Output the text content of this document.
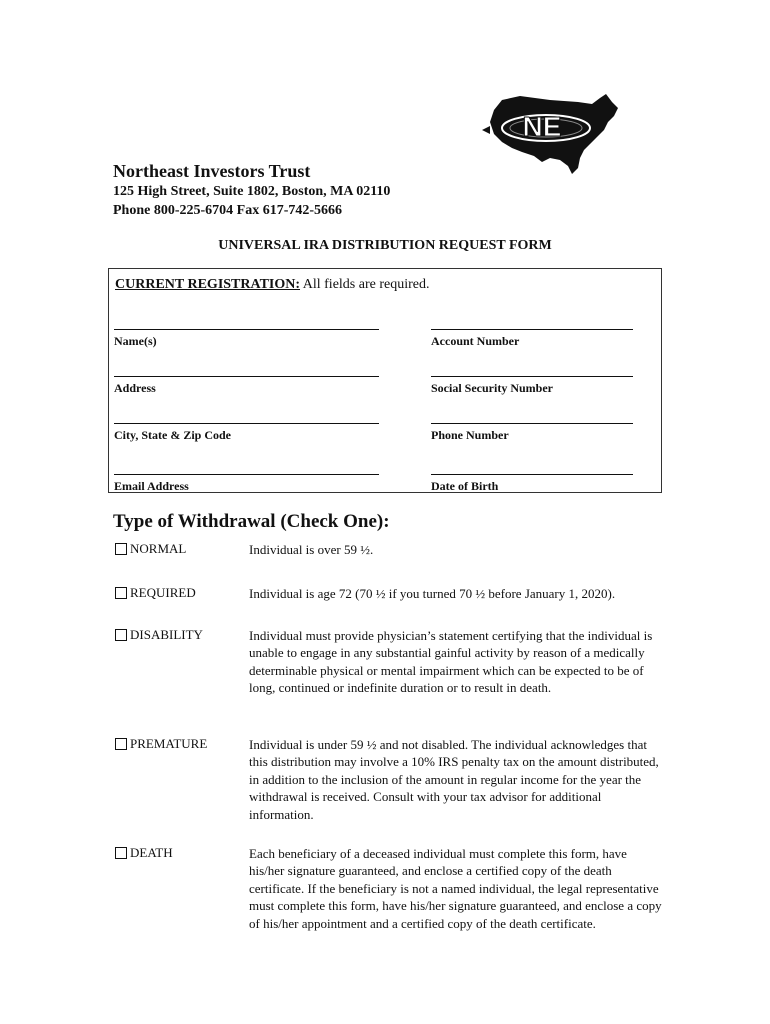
NE
Northeast Investors Trust
125 High Street, Suite 1802, Boston, MA 02110
Phone 800-225-6704 Fax 617-742-5666
UNIVERSAL IRA DISTRIBUTION REQUEST FORM
CURRENT REGISTRATION: All fields are required.
Name(s)	Account Number
Address	Social Security Number
City, State & Zip Code	Phone Number
Email Address	Date of Birth
Type of Withdrawal (Check One):
NORMAL	Individual is over 59 ½.
REQUIRED	Individual is age 72 (70 ½ if you turned 70 ½ before January 1, 2020).
DISABILITY	Individual must provide physician’s statement certifying that the individual is unable to engage in any substantial gainful activity by reason of a medically determinable physical or mental impairment which can be expected to be of long, continued or indefinite duration or to result in death.
PREMATURE	Individual is under 59 ½ and not disabled. The individual acknowledges that this distribution may involve a 10% IRS penalty tax on the amount distributed, in addition to the inclusion of the amount in regular income for the year the withdrawal is received. Consult with your tax advisor for additional information.
DEATH	Each beneficiary of a deceased individual must complete this form, have his/her signature guaranteed, and enclose a certified copy of the death certificate. If the beneficiary is not a named individual, the legal representative must complete this form, have his/her signature guaranteed, and enclose a copy of his/her appointment and a certified copy of the death certificate.
